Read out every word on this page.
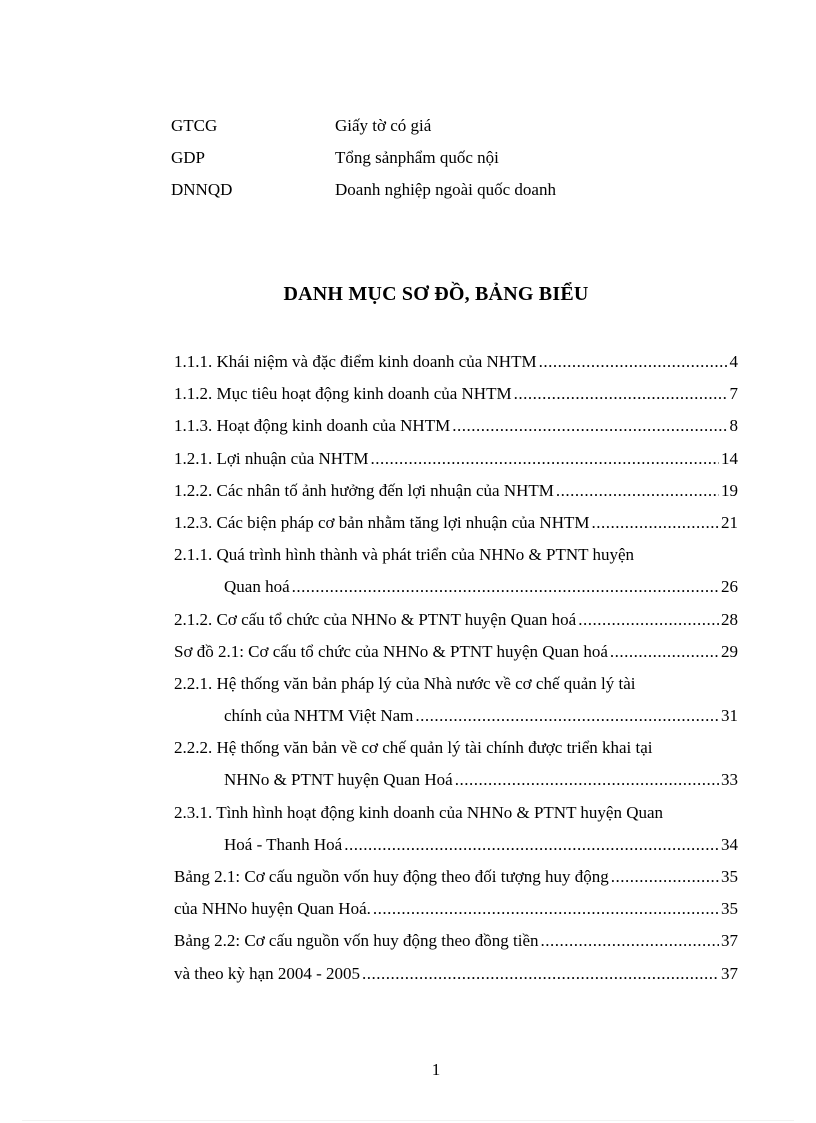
GTCG	Giấy tờ có giá
GDP	Tổng sảnphẩm quốc nội
DNNQD	Doanh nghiệp ngoài quốc doanh
DANH MỤC SƠ ĐỒ, BẢNG BIỂU
1.1.1. Khái niệm và đặc điểm kinh doanh của NHTM .....	4
1.1.2. Mục tiêu hoạt động kinh doanh của NHTM .....	7
1.1.3. Hoạt động kinh doanh của NHTM .....	8
1.2.1. Lợi nhuận của NHTM .....	14
1.2.2. Các nhân tố ảnh hưởng đến lợi nhuận của NHTM .....	19
1.2.3. Các biện pháp cơ bản nhằm tăng lợi nhuận của NHTM .....	21
2.1.1. Quá trình hình thành và phát triển của NHNo & PTNT huyện
Quan hoá .....	26
2.1.2. Cơ cấu tổ chức của NHNo & PTNT huyện Quan hoá .....	28
Sơ đồ 2.1: Cơ cấu tổ chức của NHNo & PTNT huyện Quan hoá .....	29
2.2.1. Hệ thống văn bản pháp lý của Nhà nước về cơ chế quản lý tài
chính của NHTM Việt Nam .....	31
2.2.2. Hệ thống văn bản về cơ chế quản lý tài chính được triển khai tại
NHNo & PTNT huyện Quan Hoá .....	33
2.3.1. Tình hình hoạt động kinh doanh của NHNo & PTNT huyện Quan
Hoá - Thanh Hoá .....	34
Bảng 2.1: Cơ cấu nguồn vốn huy động theo đối tượng huy động .....	35
của NHNo huyện Quan Hoá. .....	35
Bảng 2.2: Cơ cấu nguồn vốn huy động theo đồng tiền .....	37
và theo kỳ hạn 2004 - 2005 .....	37
1
